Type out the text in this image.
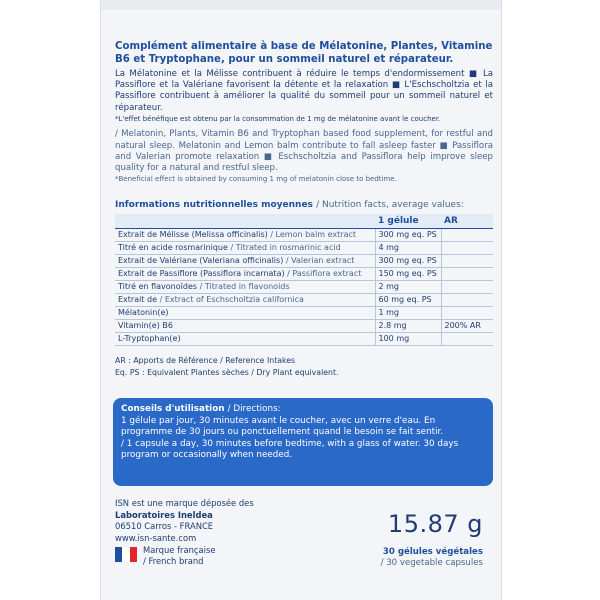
Complément alimentaire à base de Mélatonine, Plantes, Vitamine B6 et Tryptophane, pour un sommeil naturel et réparateur.
La Mélatonine et la Mélisse contribuent à réduire le temps d'endormissement ■ La Passiflore et la Valériane favorisent la détente et la relaxation ■ L'Eschscholtzia et la Passiflore contribuent à améliorer la qualité du sommeil pour un sommeil naturel et réparateur.
*L'effet bénéfique est obtenu par la consommation de 1 mg de mélatonine avant le coucher.
/ Melatonin, Plants, Vitamin B6 and Tryptophan based food supplement, for restful and natural sleep. Melatonin and Lemon balm contribute to fall asleep faster ■ Passiflora and Valerian promote relaxation ■ Eschscholtzia and Passiflora help improve sleep quality for a natural and restful sleep.
*Beneficial effect is obtained by consuming 1 mg of melatonin close to bedtime.
Informations nutritionnelles moyennes / Nutrition facts, average values:
	1 gélule	AR
Extrait de Mélisse (Melissa officinalis) / Lemon balm extract	300 mg eq. PS	
Titré en acide rosmarinique / Titrated in rosmarinic acid	4 mg	
Extrait de Valériane (Valeriana officinalis) / Valerian extract	300 mg eq. PS	
Extrait de Passiflore (Passiflora incarnata) / Passiflora extract	150 mg eq. PS	
Titré en flavonoïdes / Titrated in flavonoids	2 mg	
Extrait de / Extract of Eschscholtzia californica	60 mg eq. PS	
Mélatonin(e)	1 mg	
Vitamin(e) B6	2.8 mg	200% AR
L-Tryptophan(e)	100 mg	
AR : Apports de Référence / Reference Intakes
Eq. PS : Equivalent Plantes sèches / Dry Plant equivalent.
Conseils d'utilisation / Directions:
1 gélule par jour, 30 minutes avant le coucher, avec un verre d'eau. En programme de 30 jours ou ponctuellement quand le besoin se fait sentir.
/ 1 capsule a day, 30 minutes before bedtime, with a glass of water. 30 days program or occasionally when needed.
ISN est une marque déposée des
Laboratoires Ineldea
06510 Carros - FRANCE
www.isn-sante.com
Marque française
/ French brand
15.87 g
30 gélules végétales
/ 30 vegetable capsules
